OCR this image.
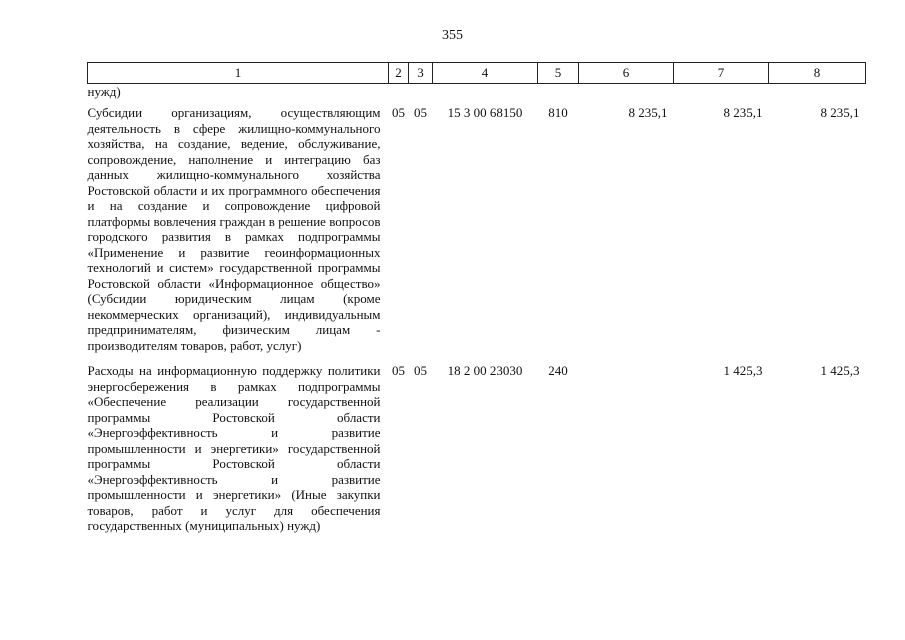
355
1	2	3	4	5	6	7	8
нужд)							
Субсидии организациям, осуществляющим деятельность в сфере жилищно-коммунального хозяйства, на создание, ведение, обслуживание, сопровождение, наполнение и интеграцию баз данных жилищно-коммунального хозяйства Ростовской области и их программного обеспечения и на создание и сопровождение цифровой платформы вовлечения граждан в решение вопросов городского развития в рамках подпрограммы «Применение и развитие геоинформационных технологий и систем» государственной программы Ростовской области «Информационное общество» (Субсидии юридическим лицам (кроме некоммерческих организаций), индивидуальным предпринимателям, физическим лицам - производителям товаров, работ, услуг)	05	05	15 3 00 68150	810	8 235,1	8 235,1	8 235,1
Расходы на информационную поддержку политики энергосбережения в рамках подпрограммы «Обеспечение реализации государственной программы Ростовской области «Энергоэффективность и развитие промышленности и энергетики» государственной программы Ростовской области «Энергоэффективность и развитие промышленности и энергетики» (Иные закупки товаров, работ и услуг для обеспечения государственных (муниципальных) нужд)	05	05	18 2 00 23030	240		1 425,3	1 425,3
